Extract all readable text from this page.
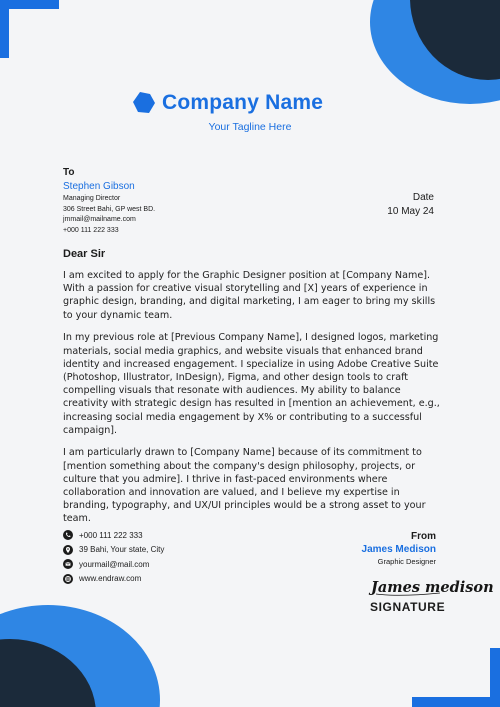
Company Name
Your Tagline Here
To
Stephen Gibson
Managing Director
306 Street Bahi, GP west BD.
jmmail@mailname.com
+000 111 222 333
Date
10 May 24
Dear Sir

I am excited to apply for the Graphic Designer position at [Company Name]. With a passion for creative visual storytelling and [X] years of experience in graphic design, branding, and digital marketing, I am eager to bring my skills to your dynamic team.

In my previous role at [Previous Company Name], I designed logos, marketing materials, social media graphics, and website visuals that enhanced brand identity and increased engagement. I specialize in using Adobe Creative Suite (Photoshop, Illustrator, InDesign), Figma, and other design tools to craft compelling visuals that resonate with audiences. My ability to balance creativity with strategic design has resulted in [mention an achievement, e.g., increasing social media engagement by X% or contributing to a successful campaign].

I am particularly drawn to [Company Name] because of its commitment to [mention something about the company's design philosophy, projects, or culture that you admire]. I thrive in fast-paced environments where collaboration and innovation are valued, and I believe my expertise in branding, typography, and UX/UI principles would be a strong asset to your team.

+000 111 222 333
39 Bahi, Your state, City
yourmail@mail.com
www.endraw.com
From
James Medison
Graphic Designer
James medison
SIGNATURE
